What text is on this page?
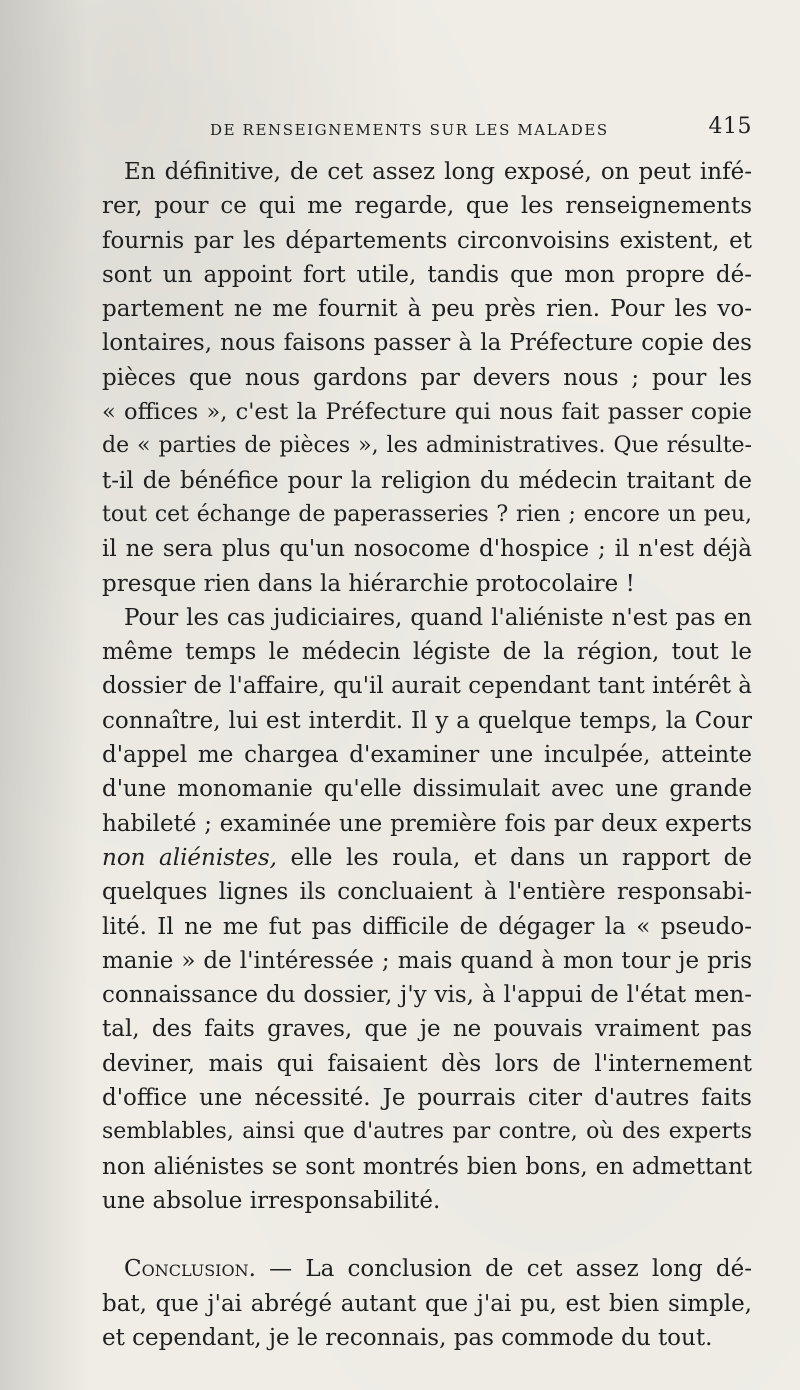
DE RENSEIGNEMENTS SUR LES MALADES	415
En définitive, de cet assez long exposé, on peut infé-
rer, pour ce qui me regarde, que les renseignements
fournis par les départements circonvoisins existent, et
sont un appoint fort utile, tandis que mon propre dé-
partement ne me fournit à peu près rien. Pour les vo-
lontaires, nous faisons passer à la Préfecture copie des
pièces que nous gardons par devers nous ; pour les
« offices », c'est la Préfecture qui nous fait passer copie
de « parties de pièces », les administratives. Que résulte-
t-il de bénéfice pour la religion du médecin traitant de
tout cet échange de paperasseries ? rien ; encore un peu,
il ne sera plus qu'un nosocome d'hospice ; il n'est déjà
presque rien dans la hiérarchie protocolaire !
Pour les cas judiciaires, quand l'aliéniste n'est pas en
même temps le médecin légiste de la région, tout le
dossier de l'affaire, qu'il aurait cependant tant intérêt à
connaître, lui est interdit. Il y a quelque temps, la Cour
d'appel me chargea d'examiner une inculpée, atteinte
d'une monomanie qu'elle dissimulait avec une grande
habileté ; examinée une première fois par deux experts
non aliénistes, elle les roula, et dans un rapport de
quelques lignes ils concluaient à l'entière responsabi-
lité. Il ne me fut pas difficile de dégager la « pseudo-
manie » de l'intéressée ; mais quand à mon tour je pris
connaissance du dossier, j'y vis, à l'appui de l'état men-
tal, des faits graves, que je ne pouvais vraiment pas
deviner, mais qui faisaient dès lors de l'internement
d'office une nécessité. Je pourrais citer d'autres faits
semblables, ainsi que d'autres par contre, où des experts
non aliénistes se sont montrés bien bons, en admettant
une absolue irresponsabilité.
Conclusion. — La conclusion de cet assez long dé-
bat, que j'ai abrégé autant que j'ai pu, est bien simple,
et cependant, je le reconnais, pas commode du tout.
